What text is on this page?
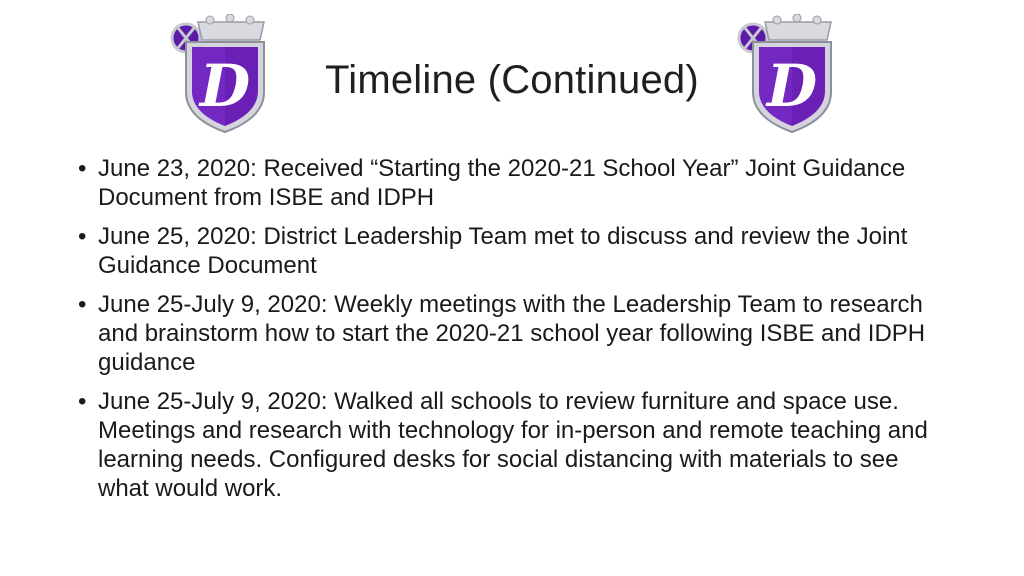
D	D
Timeline (Continued)
• June 23, 2020: Received “Starting the 2020-21 School Year” Joint Guidance Document from ISBE and IDPH
• June 25, 2020: District Leadership Team met to discuss and review the Joint Guidance Document
• June 25-July 9, 2020: Weekly meetings with the Leadership Team to research and brainstorm how to start the 2020-21 school year following ISBE and IDPH guidance
• June 25-July 9, 2020: Walked all schools to review furniture and space use. Meetings and research with technology for in-person and remote teaching and learning needs. Configured desks for social distancing with materials to see what would work.
